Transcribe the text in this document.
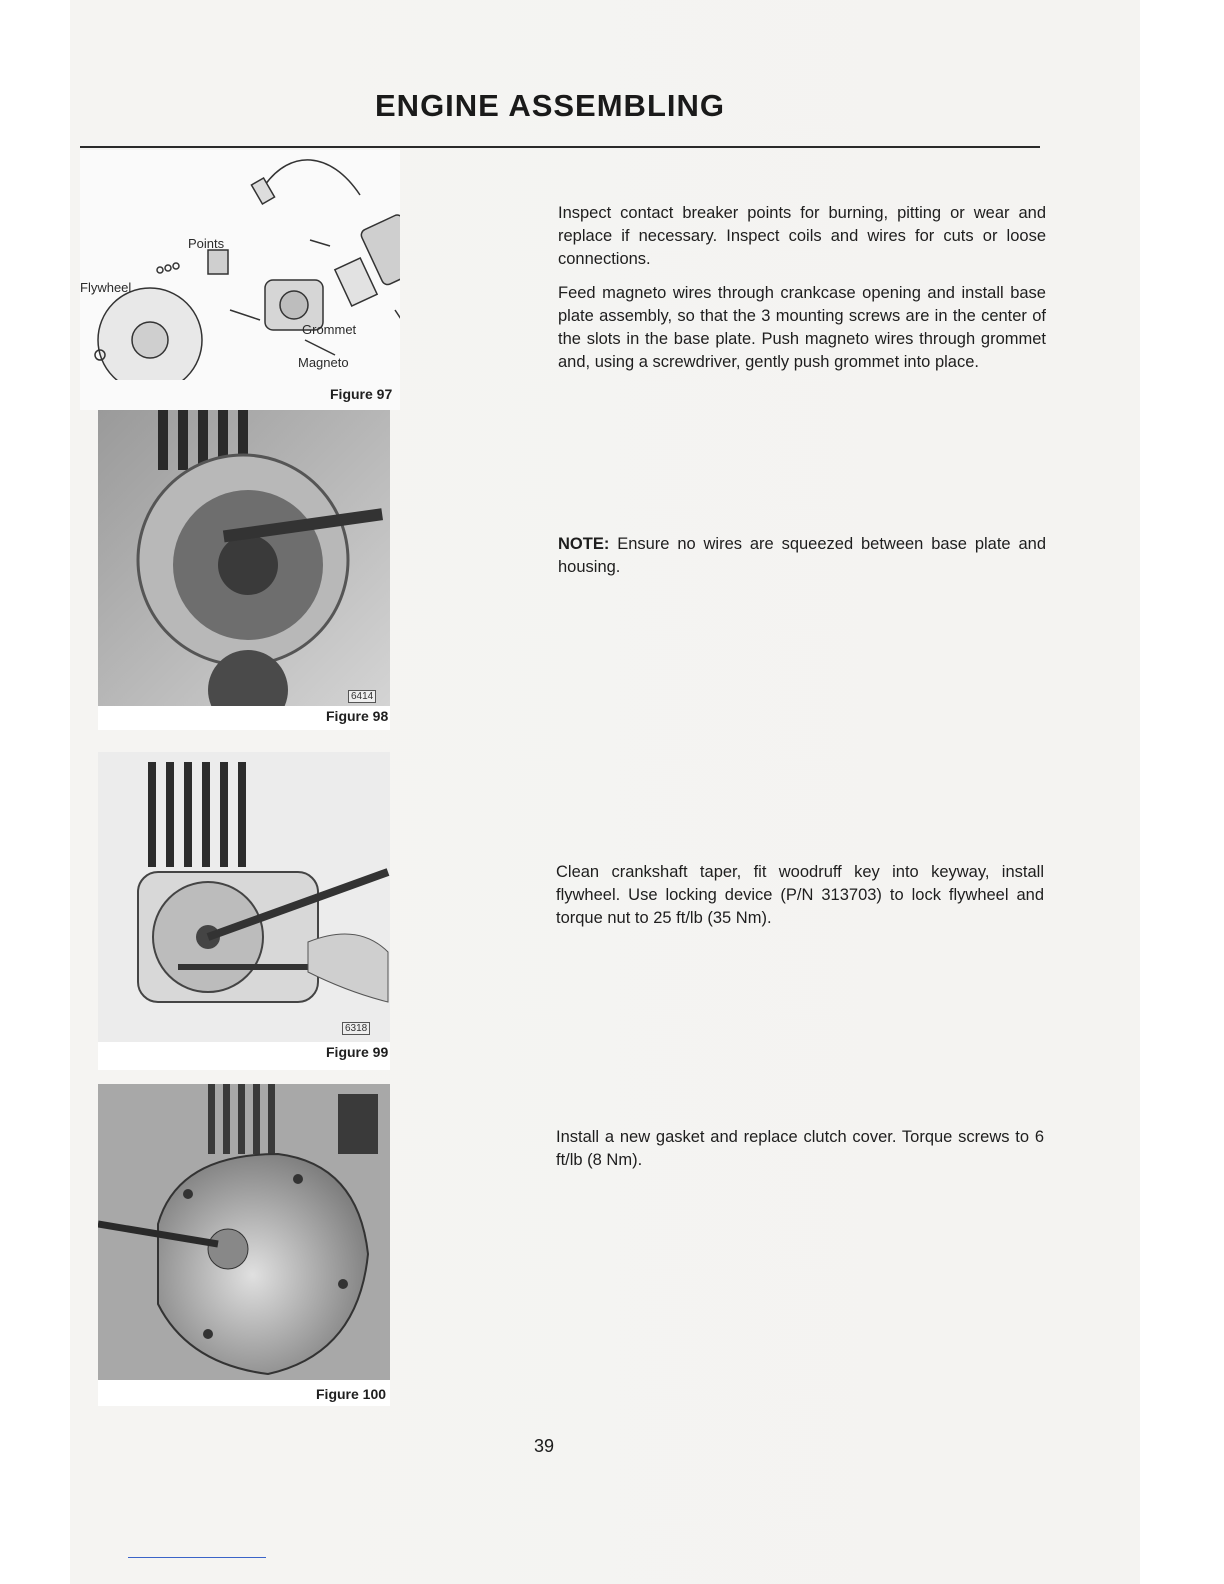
ENGINE ASSEMBLING
Points
Flywheel
Grommet
Magneto
Figure 97
6414
Figure 98
6318
Figure 99
Figure 100

Inspect contact breaker points for burning, pitting or wear and replace if necessary. Inspect coils and wires for cuts or loose connections.

Feed magneto wires through crankcase opening and install base plate assembly, so that the 3 mounting screws are in the center of the slots in the base plate. Push magneto wires through grommet and, using a screwdriver, gently push grommet into place.

NOTE: Ensure no wires are squeezed between base plate and housing.

Clean crankshaft taper, fit woodruff key into keyway, install flywheel. Use locking device (P/N 313703) to lock flywheel and torque nut to 25 ft/lb (35 Nm).

Install a new gasket and replace clutch cover. Torque screws to 6 ft/lb (8 Nm).

39
